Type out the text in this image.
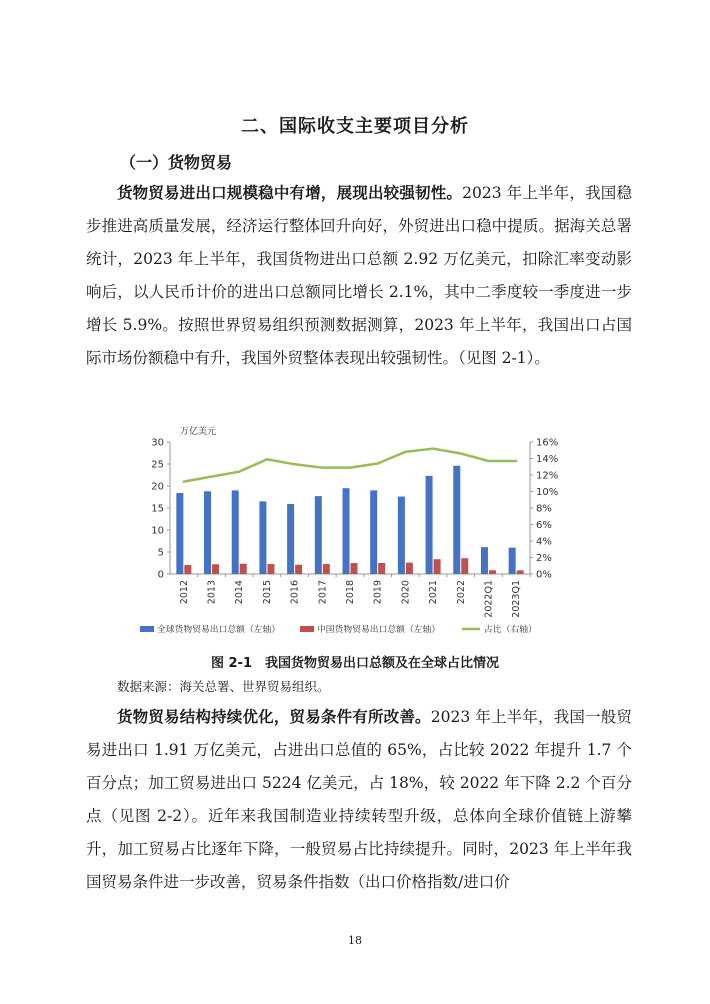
二、国际收支主要项目分析
（一）货物贸易

货物贸易进出口规模稳中有增，展现出较强韧性。2023 年上半年，我国稳步推进高质量发展，经济运行整体回升向好，外贸进出口稳中提质。据海关总署统计，2023 年上半年，我国货物进出口总额 2.92 万亿美元，扣除汇率变动影响后，以人民币计价的进出口总额同比增长 2.1%，其中二季度较一季度进一步增长 5.9%。按照世界贸易组织预测数据测算，2023 年上半年，我国出口占国际市场份额稳中有升，我国外贸整体表现出较强韧性。（见图 2-1）。

万亿美元
0
5
10
15
20
25
30
0%
2%
4%
6%
8%
10%
12%
14%
16%
2012 2013 2014 2015 2016 2017 2018 2019 2020 2021 2022 2022Q1 2023Q1
全球货物贸易出口总额（左轴）	中国货物贸易出口总额（左轴）	占比（右轴）

图 2-1　我国货物贸易出口总额及在全球占比情况

数据来源：海关总署、世界贸易组织。

货物贸易结构持续优化，贸易条件有所改善。2023 年上半年，我国一般贸易进出口 1.91 万亿美元，占进出口总值的 65%，占比较 2022 年提升 1.7 个百分点；加工贸易进出口 5224 亿美元，占 18%，较 2022 年下降 2.2 个百分点（见图 2-2）。近年来我国制造业持续转型升级，总体向全球价值链上游攀升，加工贸易占比逐年下降，一般贸易占比持续提升。同时，2023 年上半年我国贸易条件进一步改善，贸易条件指数（出口价格指数/进口价

18
